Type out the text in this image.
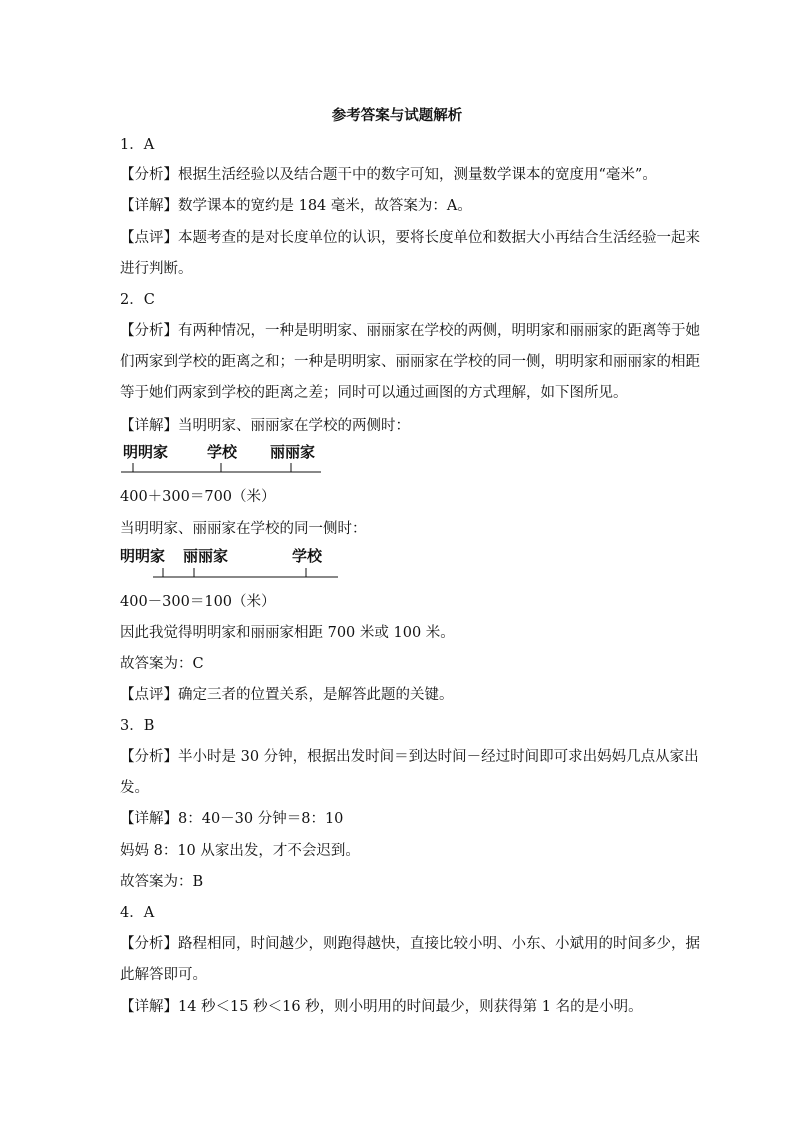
参考答案与试题解析
1．A
【分析】根据生活经验以及结合题干中的数字可知，测量数学课本的宽度用“毫米”。
【详解】数学课本的宽约是 184 毫米，故答案为：A。
【点评】本题考查的是对长度单位的认识，要将长度单位和数据大小再结合生活经验一起来
进行判断。
2．C
【分析】有两种情况，一种是明明家、丽丽家在学校的两侧，明明家和丽丽家的距离等于她
们两家到学校的距离之和；一种是明明家、丽丽家在学校的同一侧，明明家和丽丽家的相距
等于她们两家到学校的距离之差；同时可以通过画图的方式理解，如下图所见。
【详解】当明明家、丽丽家在学校的两侧时：
明明家	学校 丽丽家
400＋300＝700（米）
当明明家、丽丽家在学校的同一侧时：
明明家 丽丽家	学校
400－300＝100（米）
因此我觉得明明家和丽丽家相距 700 米或 100 米。
故答案为：C
【点评】确定三者的位置关系，是解答此题的关键。
3．B
【分析】半小时是 30 分钟，根据出发时间＝到达时间－经过时间即可求出妈妈几点从家出
发。
【详解】8：40－30 分钟＝8：10
妈妈 8：10 从家出发，才不会迟到。
故答案为：B
4．A
【分析】路程相同，时间越少，则跑得越快，直接比较小明、小东、小斌用的时间多少，据
此解答即可。
【详解】14 秒＜15 秒＜16 秒，则小明用的时间最少，则获得第 1 名的是小明。
